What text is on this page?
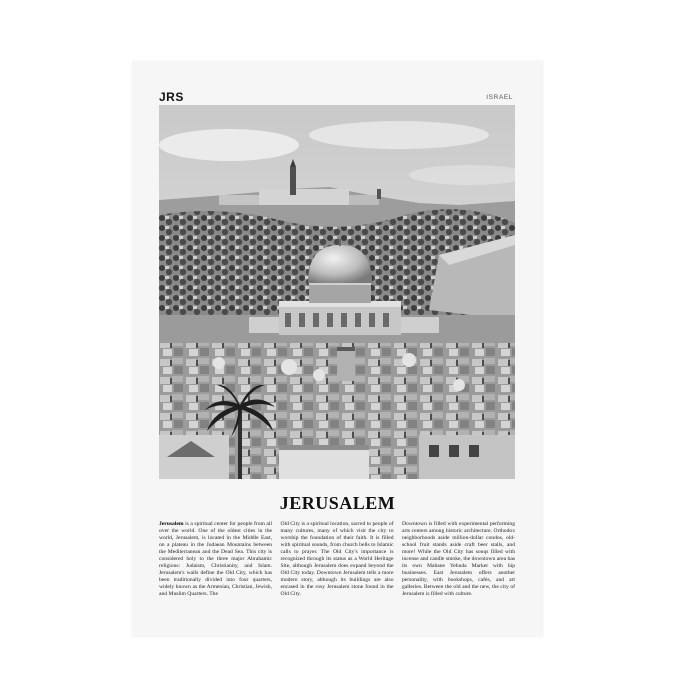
JRS	ISRAEL
JERUSALEM

Jerusalem is a spiritual center for people from all over the world. One of the oldest cities in the world, Jerusalem, is located in the Middle East, on a plateau in the Judaean Mountains between the Mediterranean and the Dead Sea. This city is considered holy to the three major Abrahamic religions: Judaism, Christianity, and Islam. Jerusalem's walls define the Old City, which has been traditionally divided into four quarters, widely known as the Armenian, Christian, Jewish, and Muslim Quarters. The

Old City is a spiritual location, sacred to people of many cultures, many of which visit the city to worship the foundation of their faith. It is filled with spiritual sounds, from church bells to Islamic calls to prayer. The Old City's importance is recognized through its status as a World Heritage Site, although Jerusalem does expand beyond the Old City today. Downtown Jerusalem tells a more modern story, although its buildings are also encased in the rosy Jerusalem stone found in the Old City.

Downtown is filled with experimental performing arts centers among historic architecture. Orthodox neighborhoods aside million-dollar condos, old-school fruit stands aside craft beer stalls, and more! While the Old City has souqs filled with incense and candle smoke, the downtown area has its own Mahane Yehuda Market with hip businesses. East Jerusalem offers another personality, with bookshops, cafés, and art galleries. Between the old and the new, the city of Jerusalem is filled with culture.
